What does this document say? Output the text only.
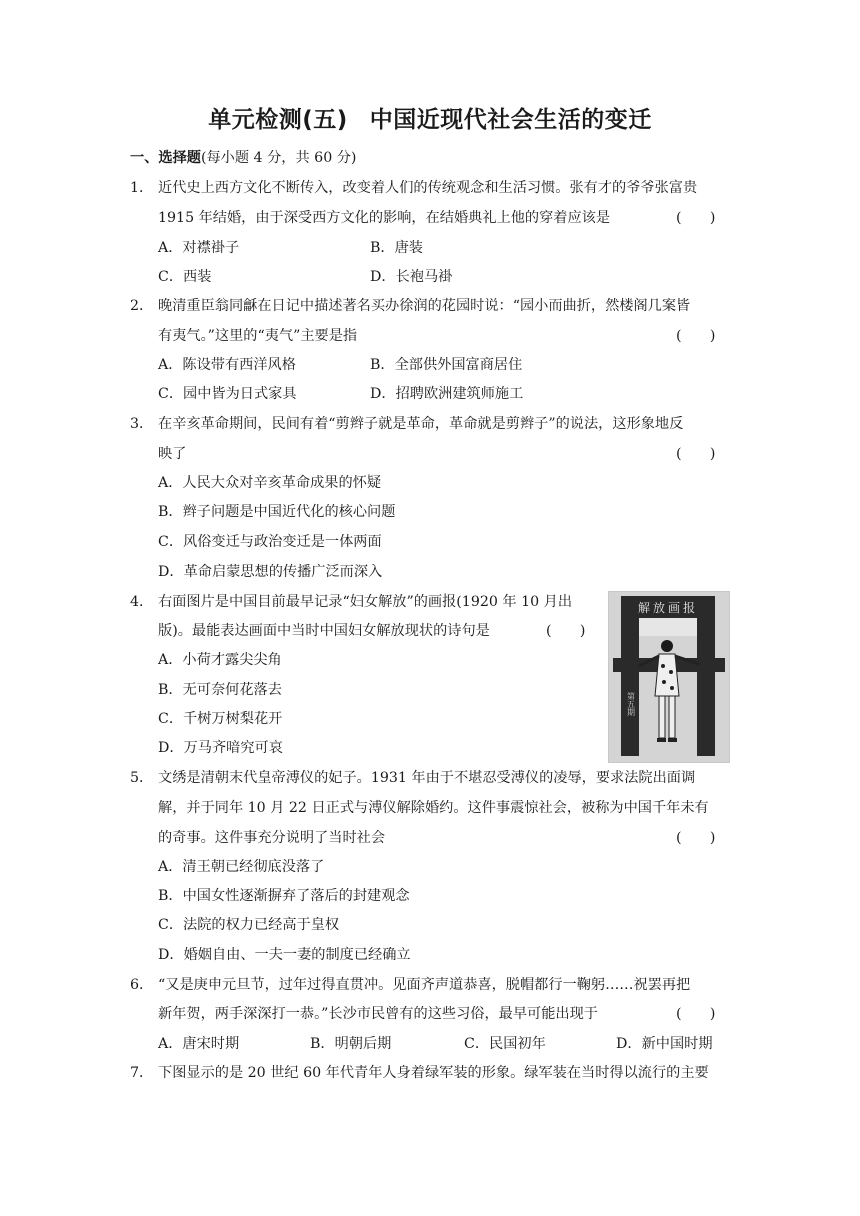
单元检测(五) 中国近现代社会生活的变迁
一、选择题(每小题 4 分，共 60 分)
1． 近代史上西方文化不断传入，改变着人们的传统观念和生活习惯。张有才的爷爷张富贵
1915 年结婚，由于深受西方文化的影响，在结婚典礼上他的穿着应该是	(　　)
A．对襟褂子	B．唐装
C．西装	D．长袍马褂
2． 晚清重臣翁同龢在日记中描述著名买办徐润的花园时说：“园小而曲折，然楼阁几案皆
有夷气。”这里的“夷气”主要是指	(　　)
A．陈设带有西洋风格	B．全部供外国富商居住
C．园中皆为日式家具	D．招聘欧洲建筑师施工
3． 在辛亥革命期间，民间有着“剪辫子就是革命，革命就是剪辫子”的说法，这形象地反
映了	(　　)
A．人民大众对辛亥革命成果的怀疑
B．辫子问题是中国近代化的核心问题
C．风俗变迁与政治变迁是一体两面
D．革命启蒙思想的传播广泛而深入
4． 右面图片是中国目前最早记录“妇女解放”的画报(1920 年 10 月出
版)。最能表达画面中当时中国妇女解放现状的诗句是	(　　)
A．小荷才露尖尖角
B．无可奈何花落去
C．千树万树梨花开
D．万马齐喑究可哀
解放画报
第五期
5． 文绣是清朝末代皇帝溥仪的妃子。1931 年由于不堪忍受溥仪的凌辱，要求法院出面调
解，并于同年 10 月 22 日正式与溥仪解除婚约。这件事震惊社会，被称为中国千年未有
的奇事。这件事充分说明了当时社会	(　　)
A．清王朝已经彻底没落了
B．中国女性逐渐摒弃了落后的封建观念
C．法院的权力已经高于皇权
D．婚姻自由、一夫一妻的制度已经确立
6． “又是庚申元旦节，过年过得直贯冲。见面齐声道恭喜，脱帽都行一鞠躬……祝罢再把
新年贺，两手深深打一恭。”长沙市民曾有的这些习俗，最早可能出现于	(　　)
A．唐宋时期	B．明朝后期	C．民国初年	D．新中国时期
7． 下图显示的是 20 世纪 60 年代青年人身着绿军装的形象。绿军装在当时得以流行的主要
